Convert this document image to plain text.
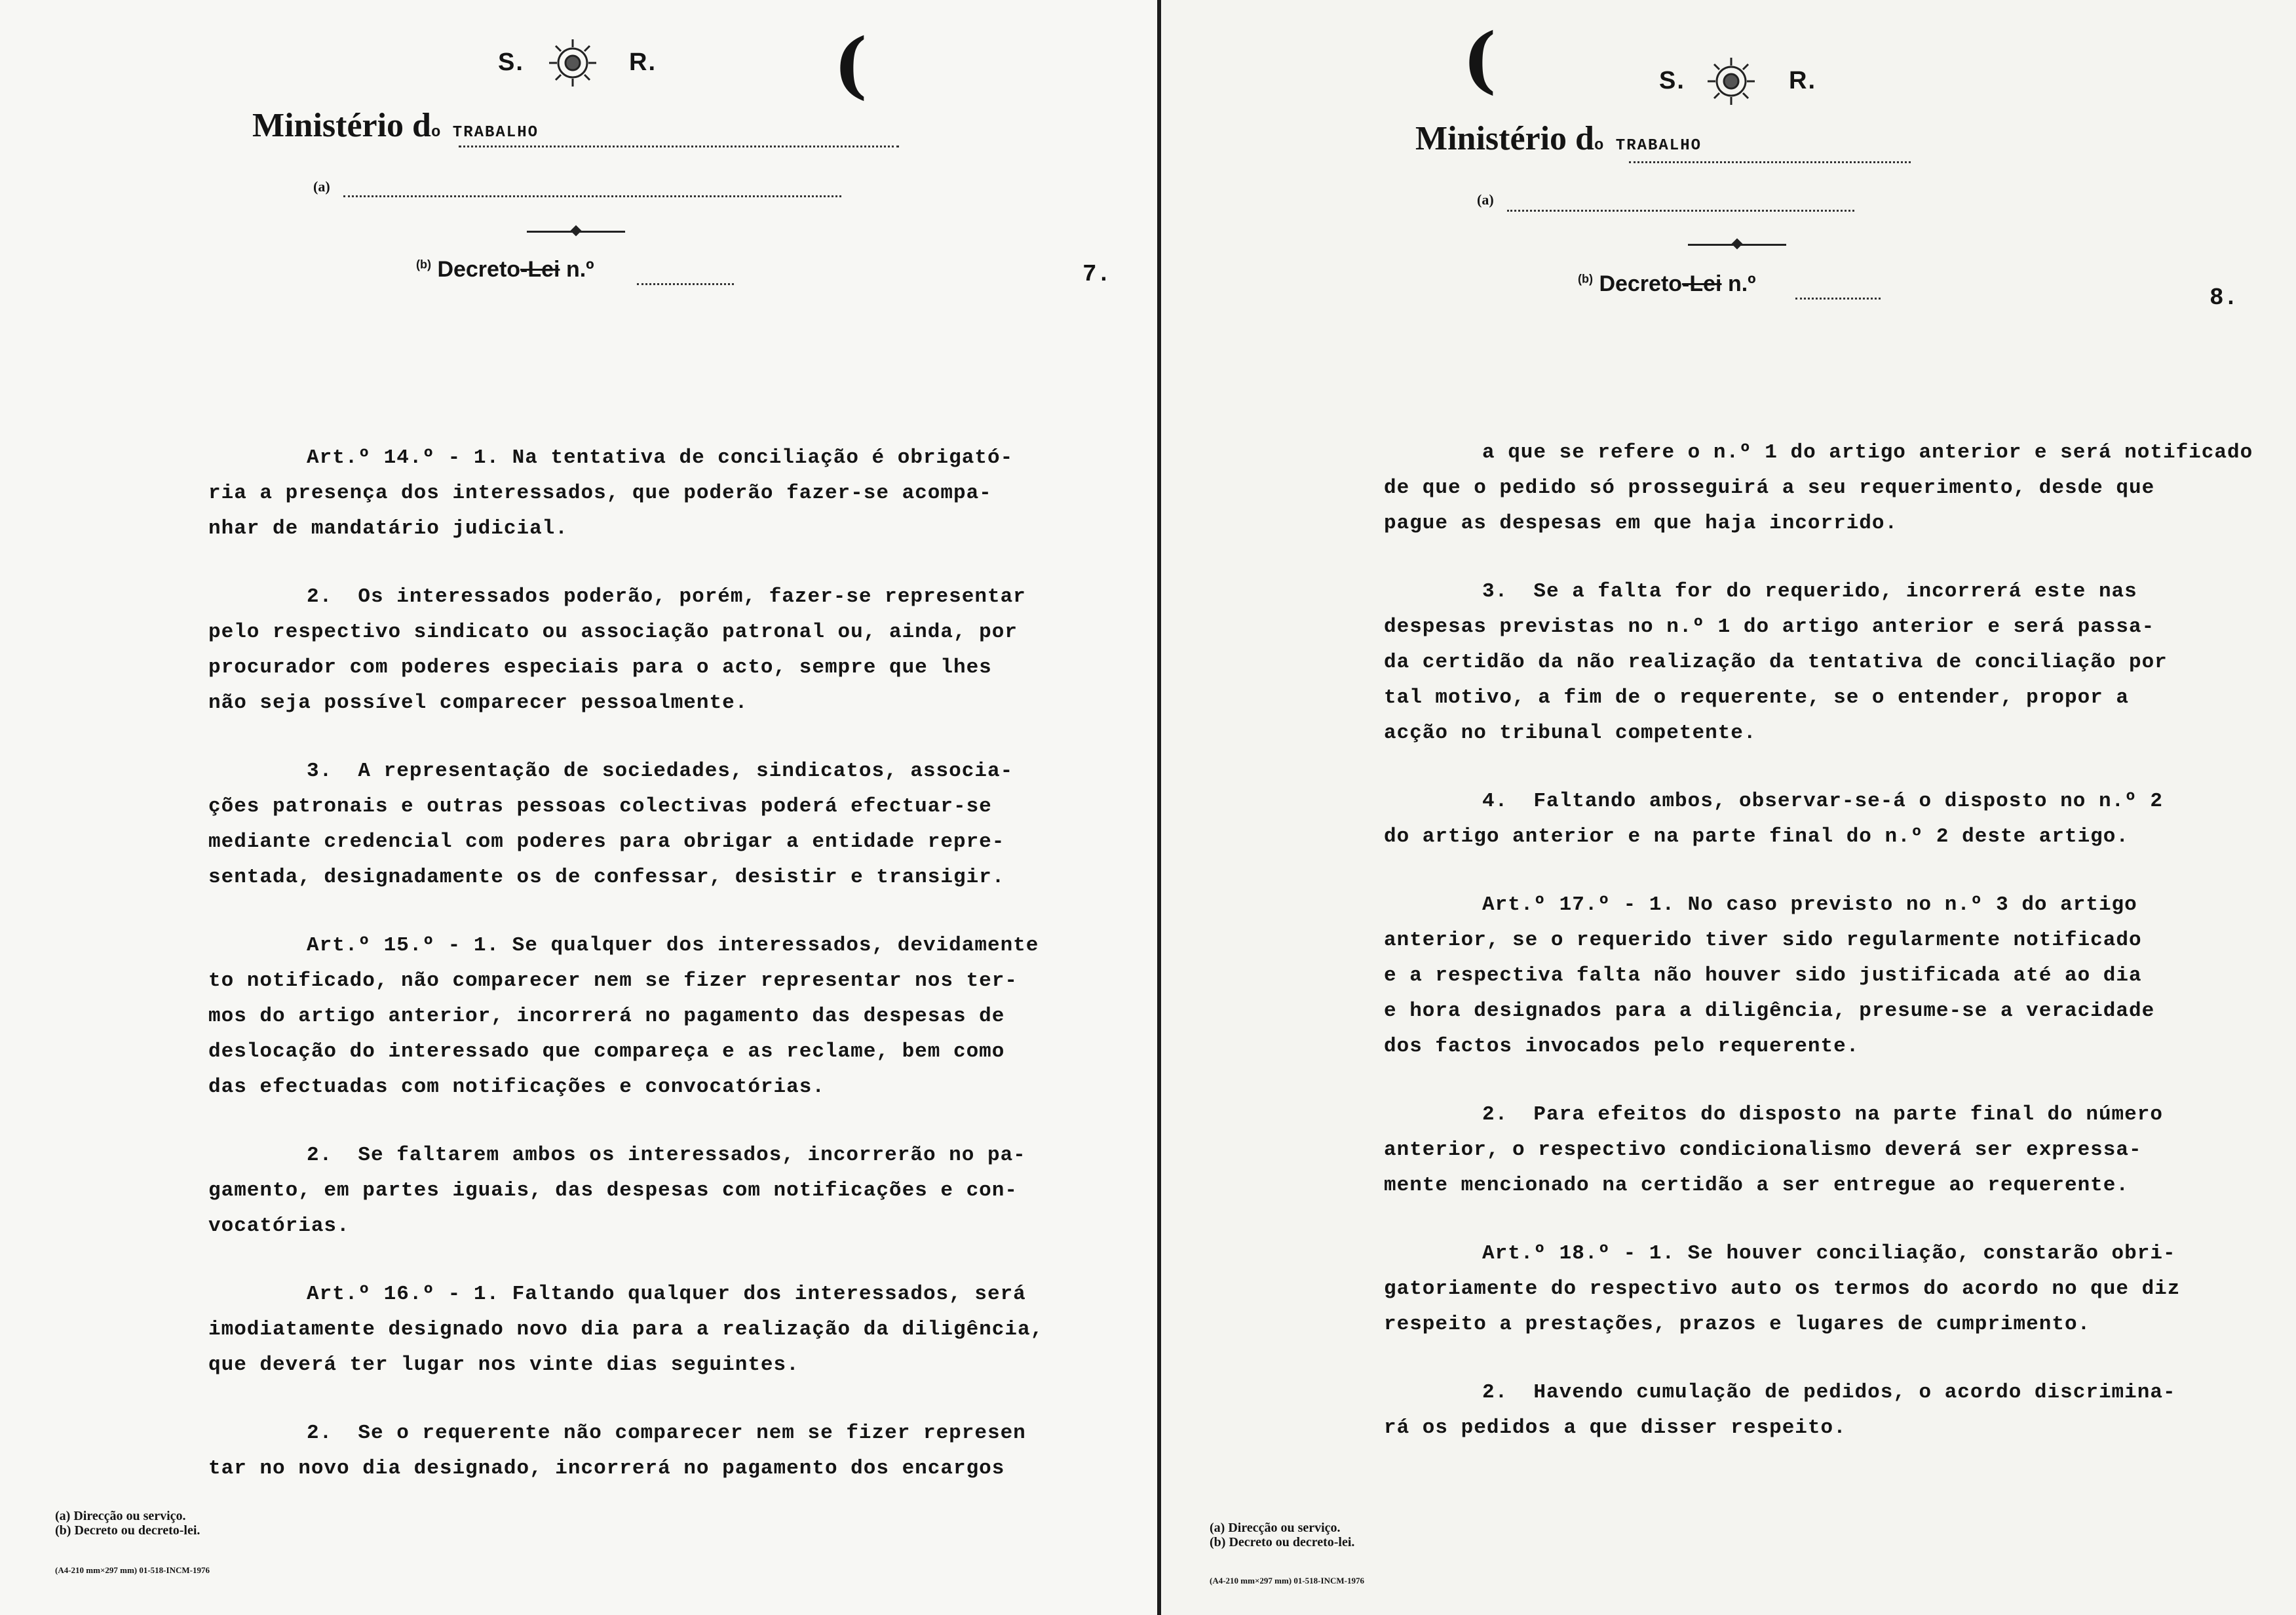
S.	R. (
Ministério do TRABALHO
(a)
$^{(b)}$ Decreto-Lei n.º	7.
Art.º 14.º - 1. Na tentativa de conciliação é obrigató-
ria a presença dos interessados, que poderão fazer-se acompa-
nhar de mandatário judicial.
2.  Os interessados poderão, porém, fazer-se representar
pelo respectivo sindicato ou associação patronal ou, ainda, por
procurador com poderes especiais para o acto, sempre que lhes
não seja possível comparecer pessoalmente.
3.  A representação de sociedades, sindicatos, associa-
ções patronais e outras pessoas colectivas poderá efectuar-se
mediante credencial com poderes para obrigar a entidade repre-
sentada, designadamente os de confessar, desistir e transigir.
Art.º 15.º - 1. Se qualquer dos interessados, devidamente
to notificado, não comparecer nem se fizer representar nos ter-
mos do artigo anterior, incorrerá no pagamento das despesas de
deslocação do interessado que compareça e as reclame, bem como
das efectuadas com notificações e convocatórias.
2.  Se faltarem ambos os interessados, incorrerão no pa-
gamento, em partes iguais, das despesas com notificações e con-
vocatórias.
Art.º 16.º - 1. Faltando qualquer dos interessados, será
imodiatamente designado novo dia para a realização da diligência,
que deverá ter lugar nos vinte dias seguintes.
2.  Se o requerente não comparecer nem se fizer represen
tar no novo dia designado, incorrerá no pagamento dos encargos
(a) Direcção ou serviço.
(b) Decreto ou decreto-lei.
(A4-210 mm×297 mm) 01-518-INCM-1976
(	S.	R.
Ministério do TRABALHO
(a)
$^{(b)}$ Decreto-Lei n.º
8.
a que se refere o n.º 1 do artigo anterior e será notificado
de que o pedido só prosseguirá a seu requerimento, desde que
pague as despesas em que haja incorrido.
3.  Se a falta for do requerido, incorrerá este nas
despesas previstas no n.º 1 do artigo anterior e será passa-
da certidão da não realização da tentativa de conciliação por
tal motivo, a fim de o requerente, se o entender, propor a
acção no tribunal competente.
4.  Faltando ambos, observar-se-á o disposto no n.º 2
do artigo anterior e na parte final do n.º 2 deste artigo.
Art.º 17.º - 1. No caso previsto no n.º 3 do artigo
anterior, se o requerido tiver sido regularmente notificado
e a respectiva falta não houver sido justificada até ao dia
e hora designados para a diligência, presume-se a veracidade
dos factos invocados pelo requerente.
2.  Para efeitos do disposto na parte final do número
anterior, o respectivo condicionalismo deverá ser expressa-
mente mencionado na certidão a ser entregue ao requerente.
Art.º 18.º - 1. Se houver conciliação, constarão obri-
gatoriamente do respectivo auto os termos do acordo no que diz
respeito a prestações, prazos e lugares de cumprimento.
2.  Havendo cumulação de pedidos, o acordo discrimina-
rá os pedidos a que disser respeito.
(a) Direcção ou serviço.
(b) Decreto ou decreto-lei.
(A4-210 mm×297 mm) 01-518-INCM-1976
